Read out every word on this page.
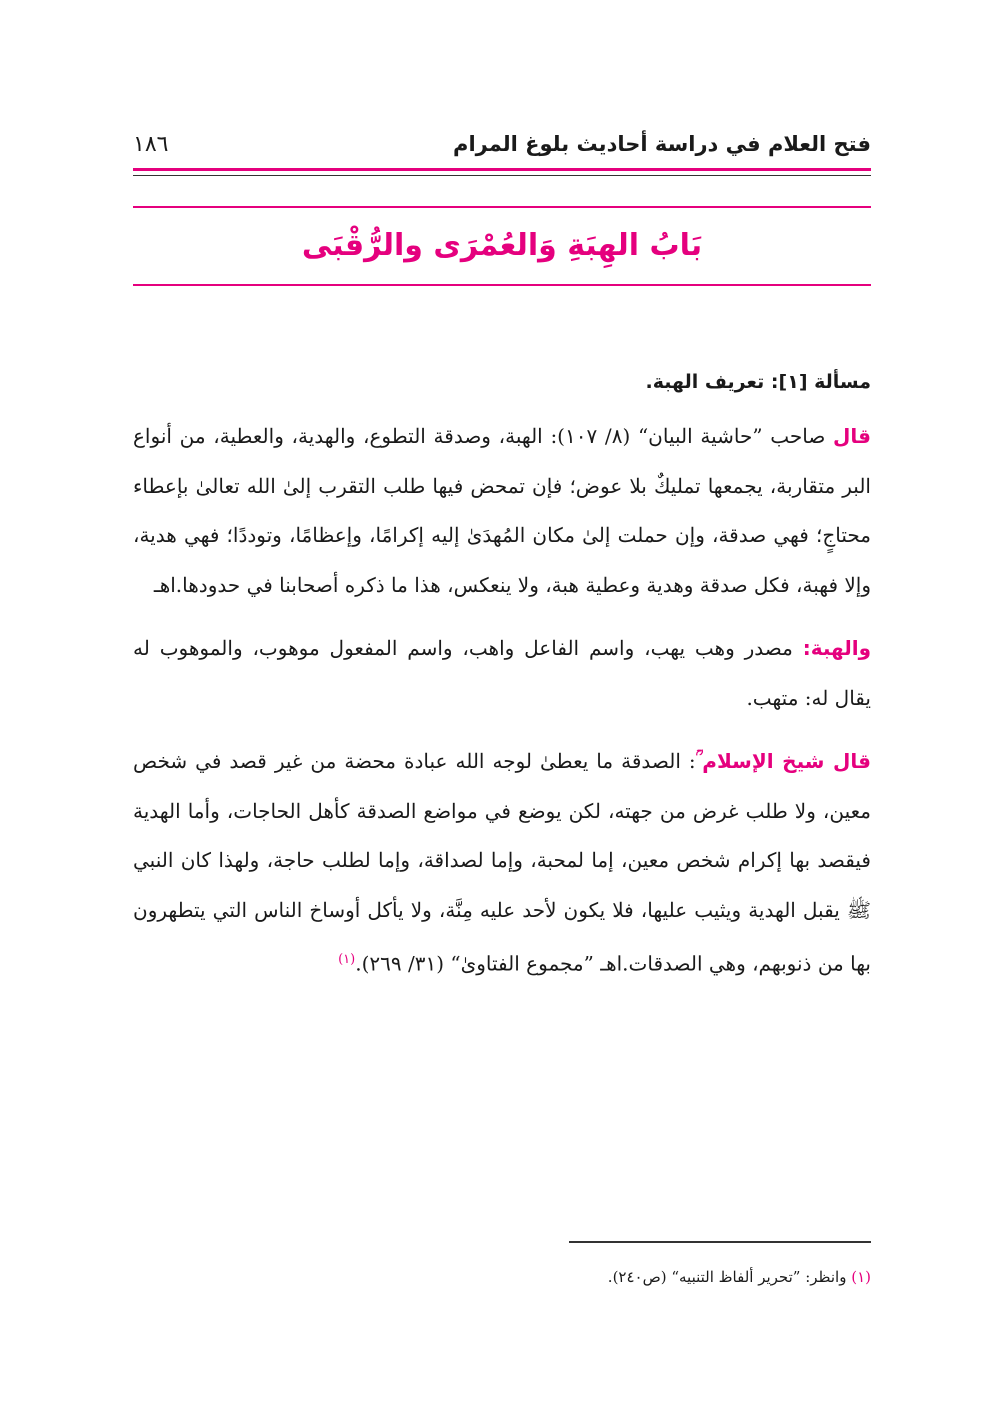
فتح العلام في دراسة أحاديث بلوغ المرام
١٨٦
بَابُ الهِبَةِ وَالعُمْرَى والرُّقْبَى
مسألة [١]: تعريف الهبة.

قال صاحب ”حاشية البيان“ (٨/ ١٠٧): الهبة، وصدقة التطوع، والهدية، والعطية، من أنواع البر متقاربة، يجمعها تمليكٌ بلا عوض؛ فإن تمحض فيها طلب التقرب إلىٰ الله تعالىٰ بإعطاء محتاجٍ؛ فهي صدقة، وإن حملت إلىٰ مكان المُهدَىٰ إليه إكرامًا، وإعظامًا، وتوددًا؛ فهي هدية، وإلا فهبة، فكل صدقة وهدية وعطية هبة، ولا ينعكس، هذا ما ذكره أصحابنا في حدودها.اهـ

والهبة: مصدر وهب يهب، واسم الفاعل واهب، واسم المفعول موهوب، والموهوب له يقال له: متهب.

قال شيخ الإسلام ؒ: الصدقة ما يعطىٰ لوجه الله عبادة محضة من غير قصد في شخص معين، ولا طلب غرض من جهته، لكن يوضع في مواضع الصدقة كأهل الحاجات، وأما الهدية فيقصد بها إكرام شخص معين، إما لمحبة، وإما لصداقة، وإما لطلب حاجة، ولهذا كان النبي ﷺ يقبل الهدية ويثيب عليها، فلا يكون لأحد عليه مِنَّة، ولا يأكل أوساخ الناس التي يتطهرون بها من ذنوبهم، وهي الصدقات.اهـ ”مجموع الفتاوىٰ“ (٣١/ ٢٦٩).$^{(١)}$

(١) وانظر: ”تحرير ألفاظ التنبيه“ (ص٢٤٠).
